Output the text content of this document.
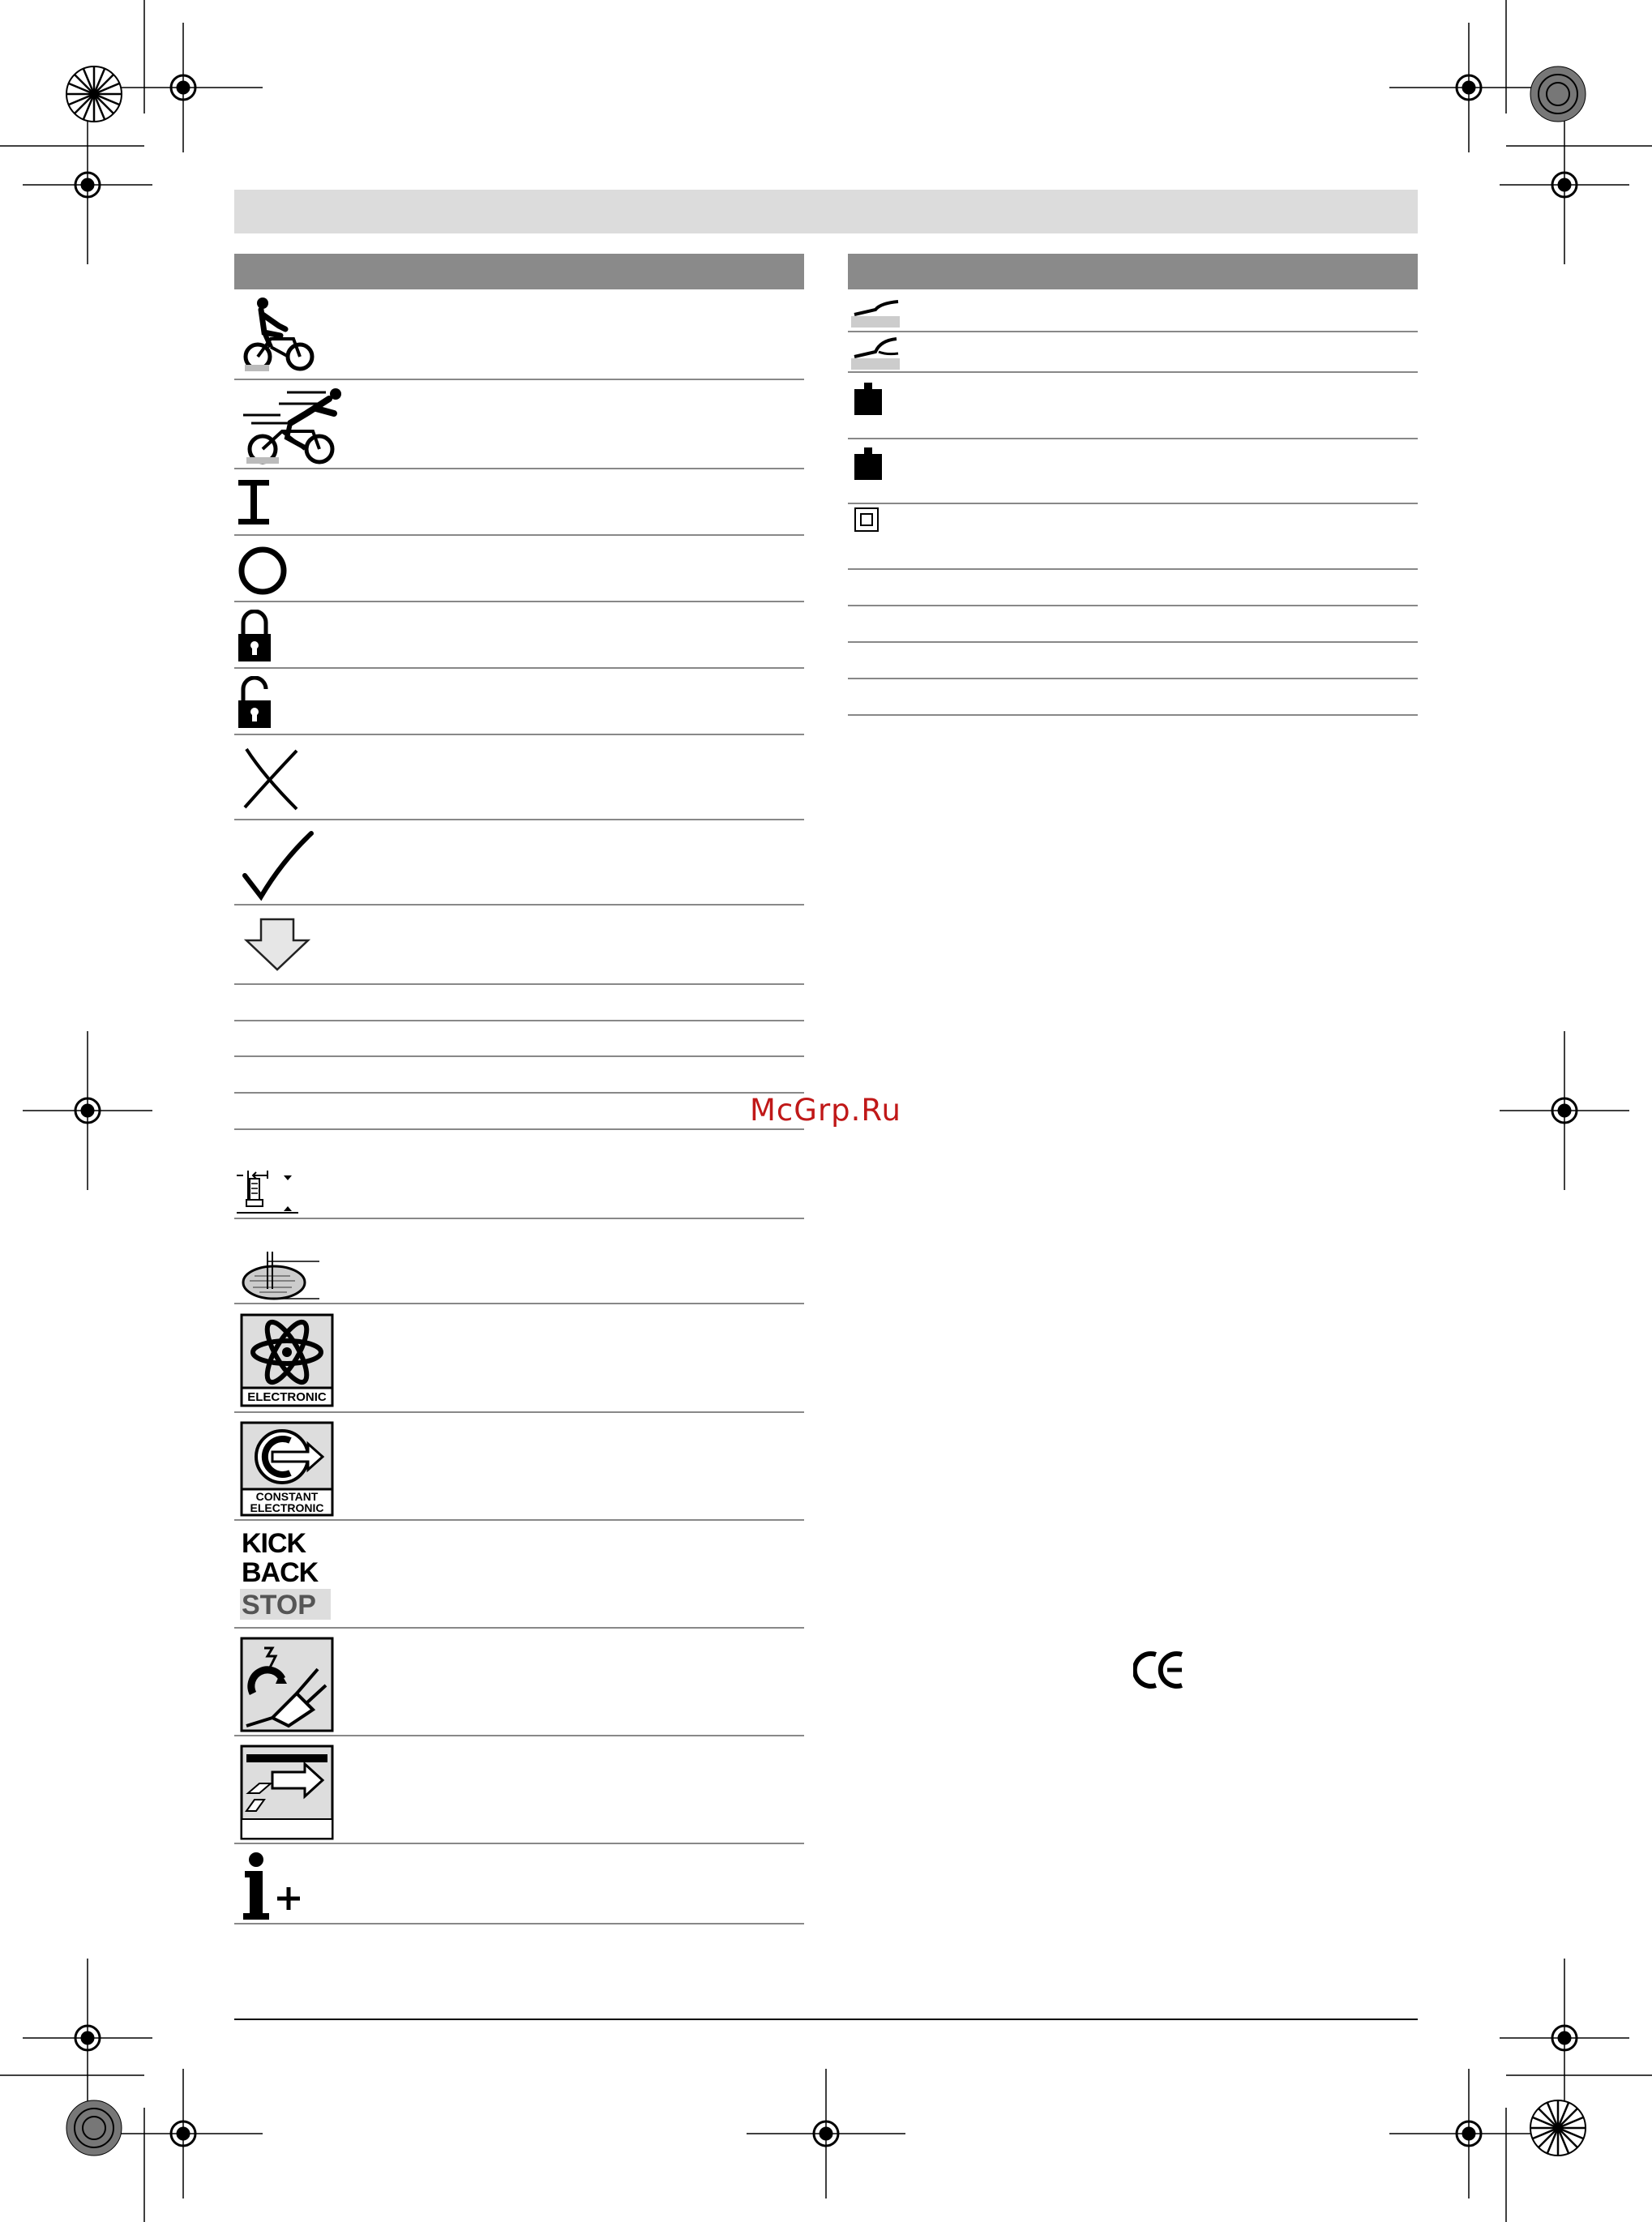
ELECTRONIC
CONSTANT
ELECTRONIC
KICK
BACK
STOP
McGrp.Ru
